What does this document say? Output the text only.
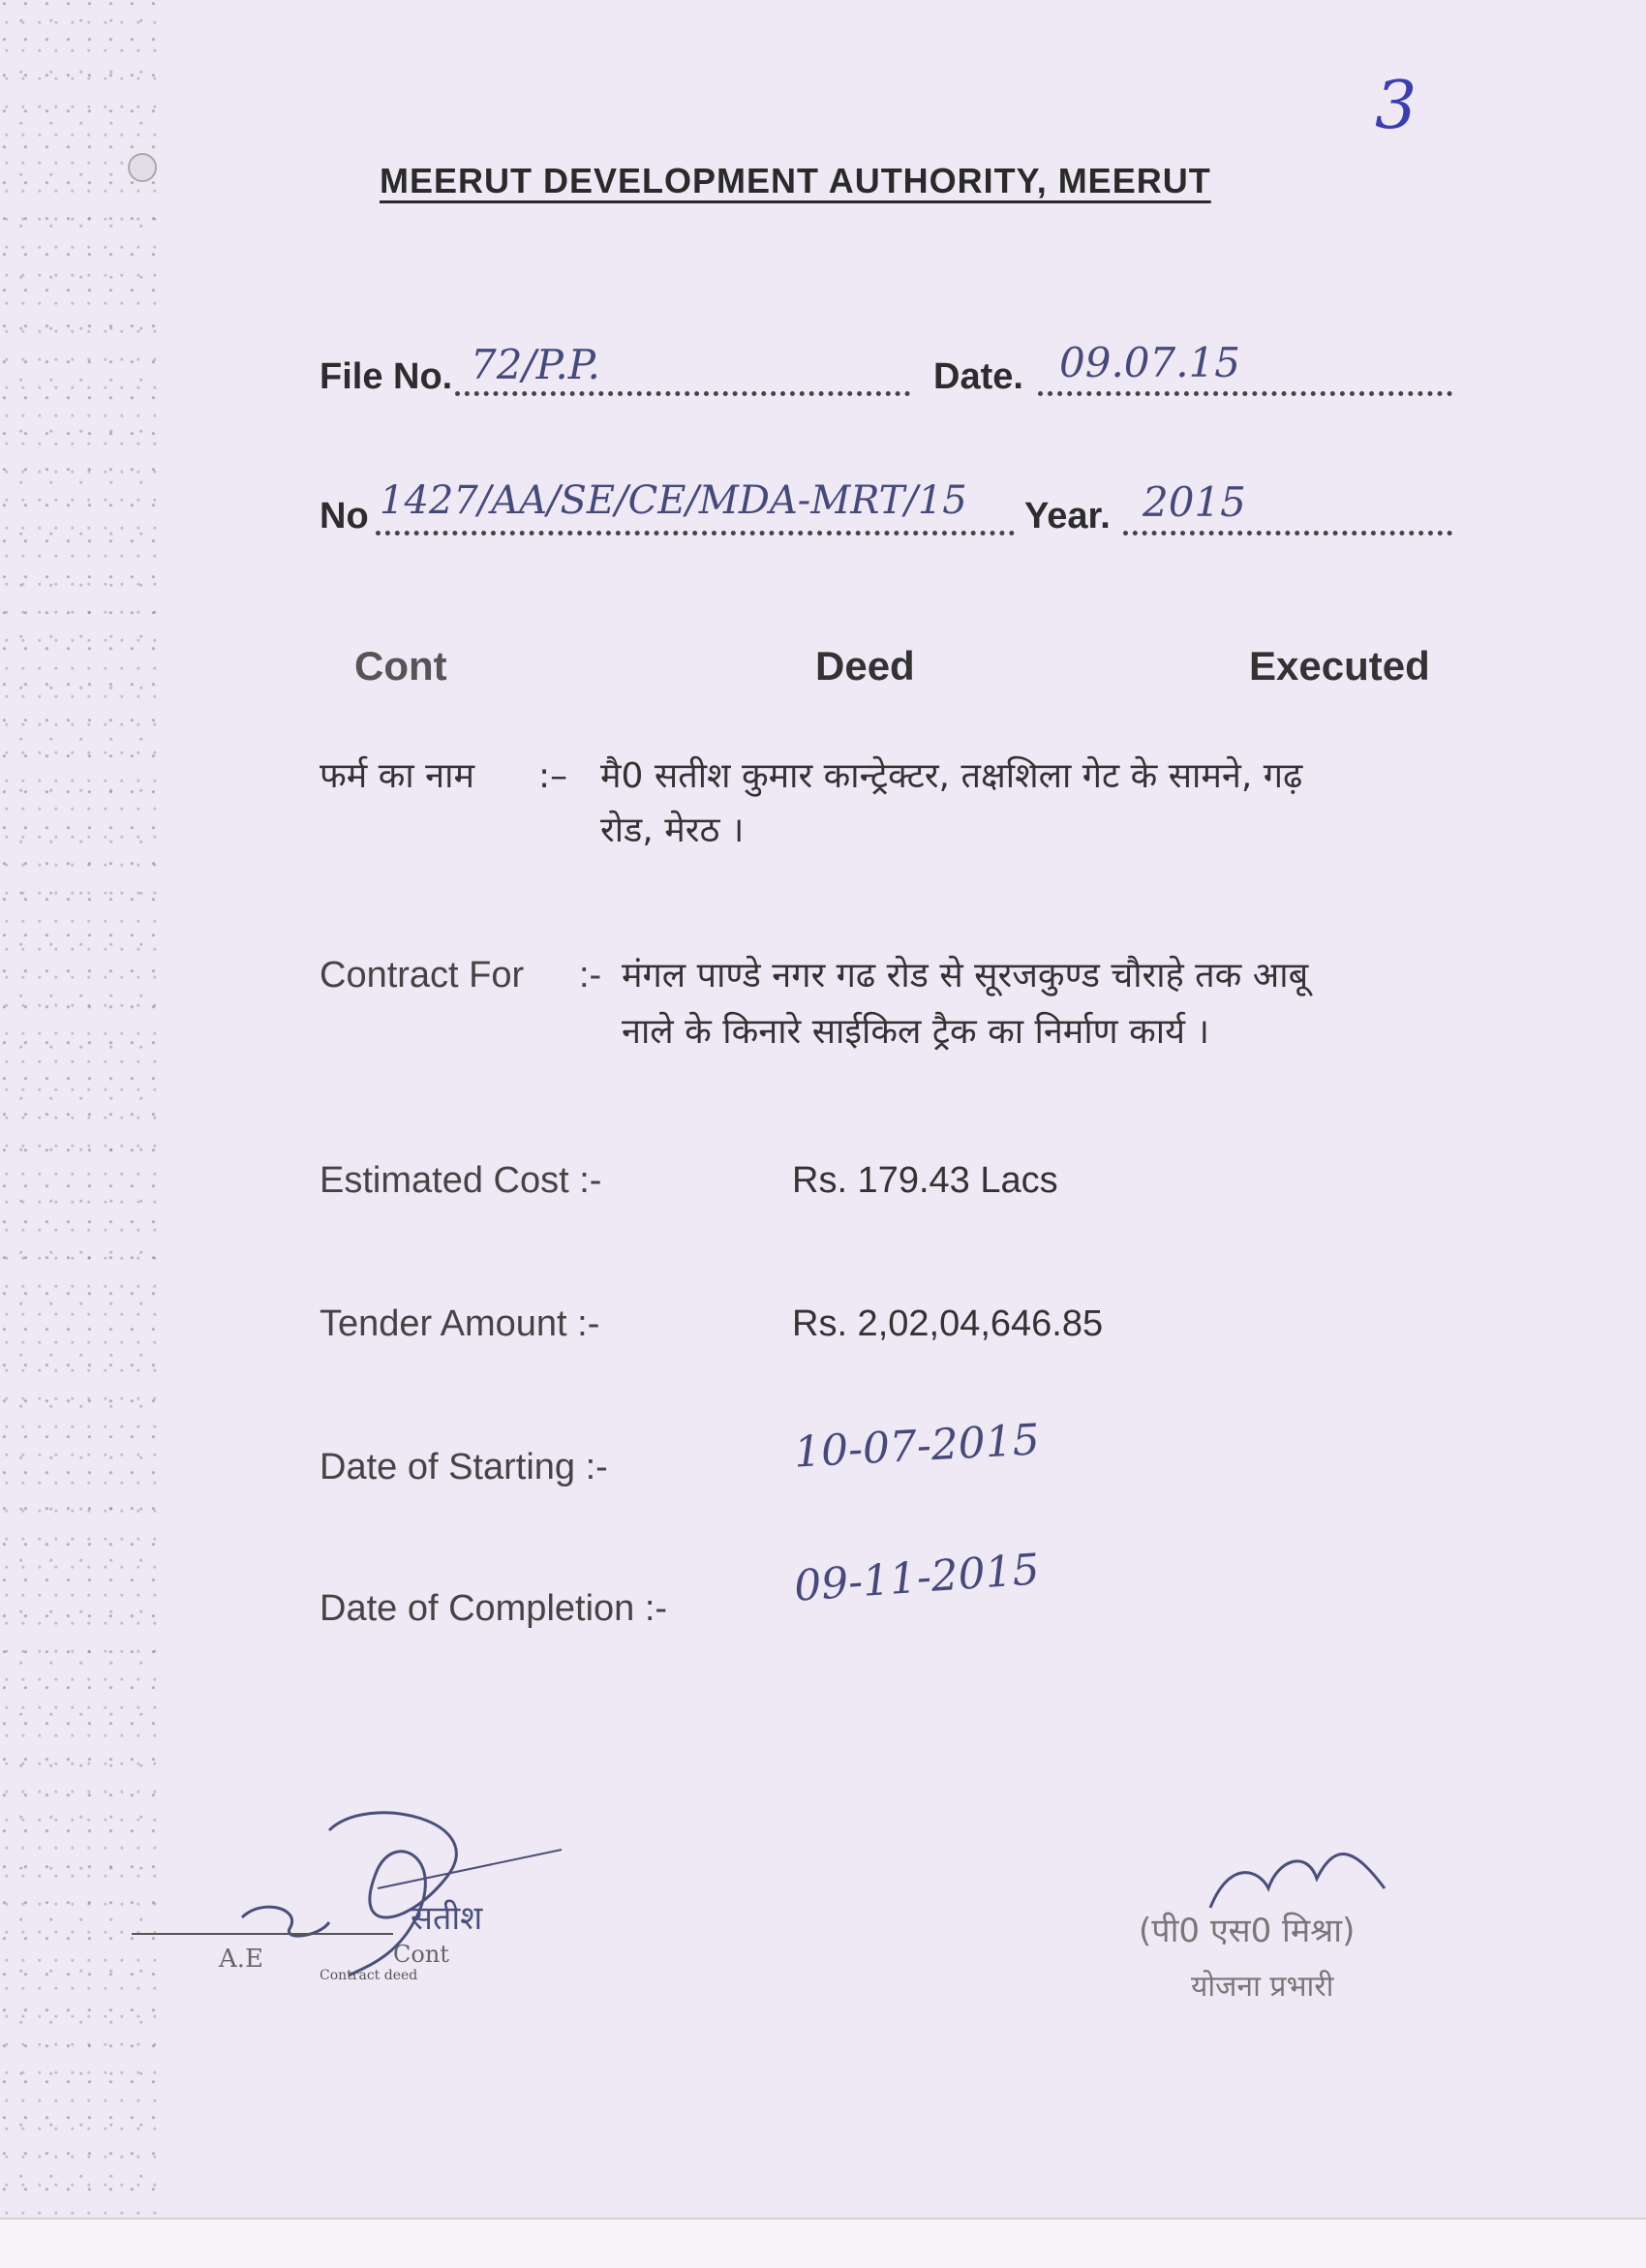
3
MEERUT DEVELOPMENT AUTHORITY, MEERUT
File No. 72/P.P.	Date. 09.07.15
No 1427/AA/SE/CE/MDA-MRT/15 Year. 2015
Cont	Deed	Executed
फर्म का नाम :– मै0 सतीश कुमार कान्ट्रेक्टर, तक्षशिला गेट के सामने, गढ़
रोड, मेरठ ।
Contract For :- मंगल पाण्डे नगर गढ रोड से सूरजकुण्ड चौराहे तक आबू
नाले के किनारे साईकिल ट्रैक का निर्माण कार्य ।
Estimated Cost :-	Rs. 179.43 Lacs
Tender Amount :-	Rs. 2,02,04,646.85
Date of Starting :-	10-07-2015
Date of Completion :-	09-11-2015
A.E	Cont
Contract deed
सतीश	(पी0 एस0 मिश्रा)
योजना प्रभारी
